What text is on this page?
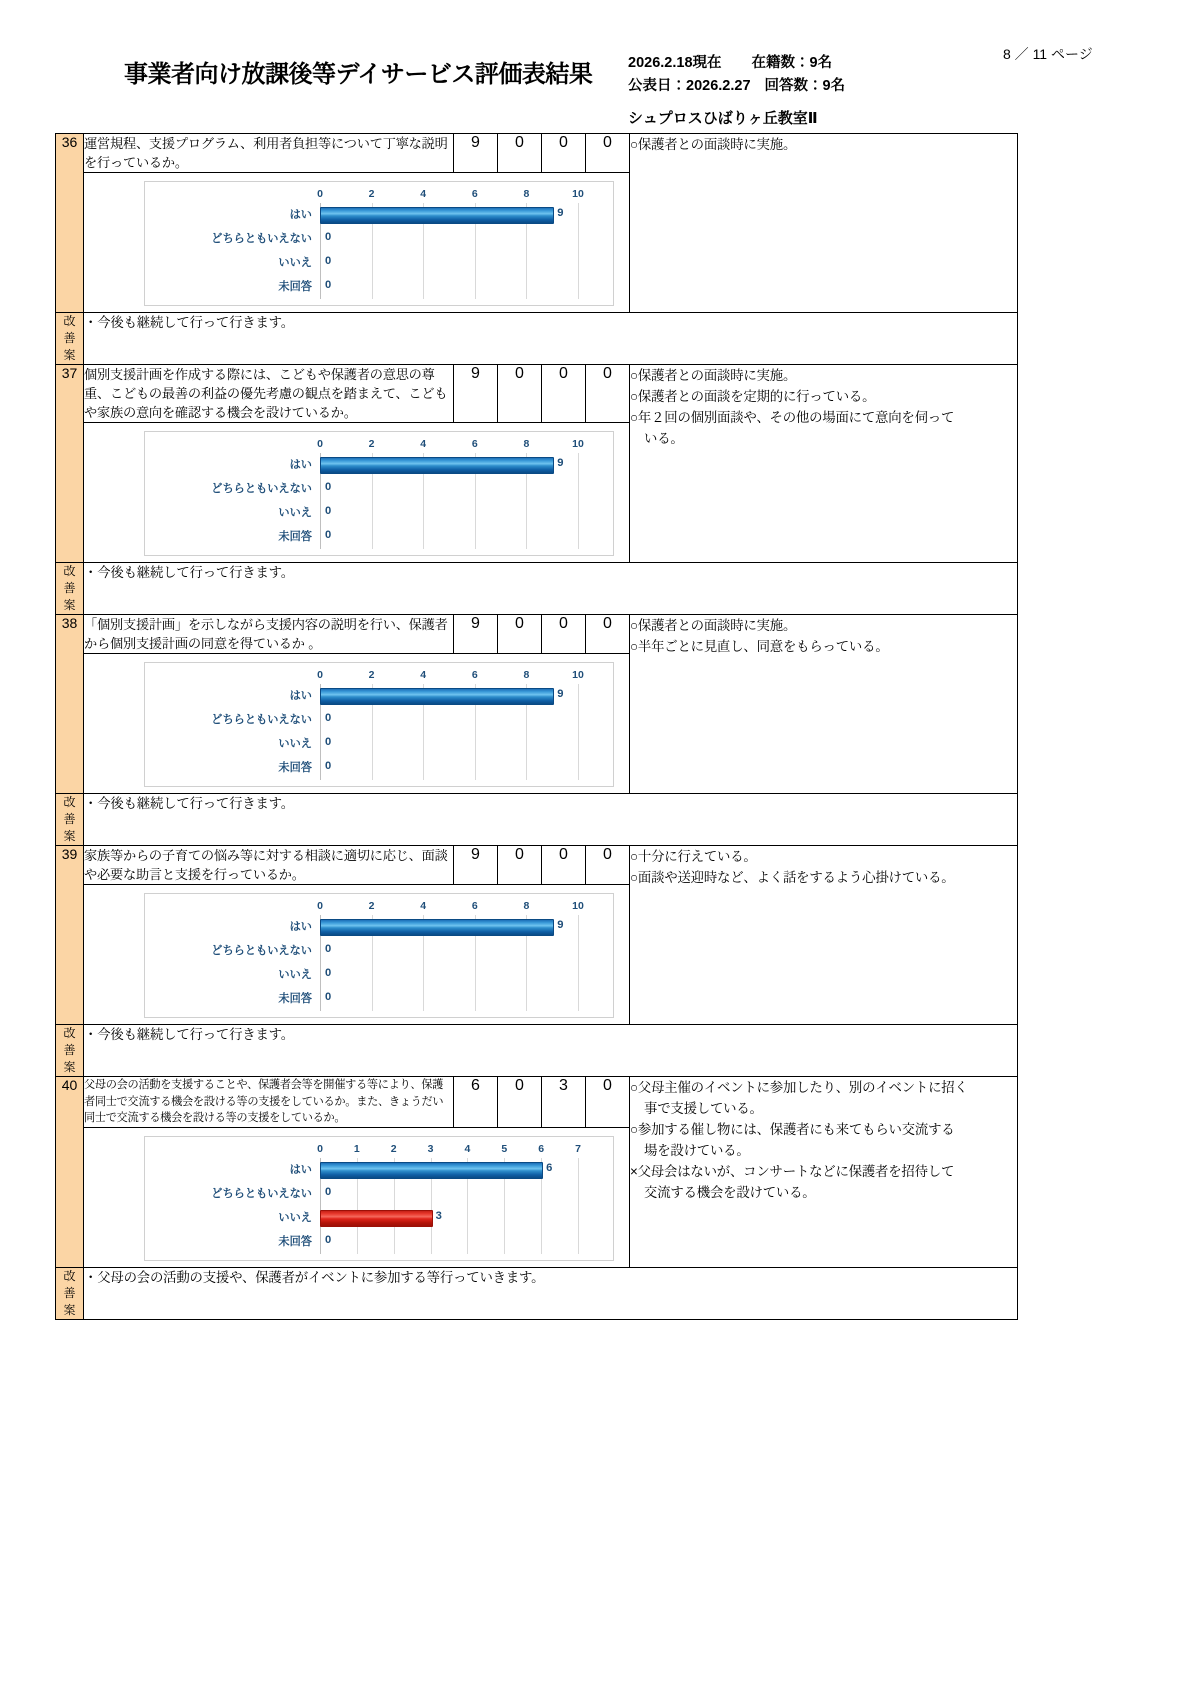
事業者向け放課後等デイサービス評価表結果 2026.2.18現在 在籍数：9名
公表日：2026.2.27 回答数：9名
シュプロスひばりヶ丘教室Ⅱ
8 ／ 11 ページ
36	運営規程、支援プログラム、利用者負担等について丁寧な説明を行っているか。	9	0	0	0	○保護者との面談時に実施。

0	2	4	6	8	10
はい	9
どちらともいえない 0
いいえ 0
未回答 0

改
善
案	・今後も継続して行って行きます。					
37	個別支援計画を作成する際には、こどもや保護者の意思の尊重、こどもの最善の利益の優先考慮の観点を踏まえて、こどもや家族の意向を確認する機会を設けているか。	9	0	0	0	○保護者との面談時に実施。
○保護者との面談を定期的に行っている。
○年２回の個別面談や、その他の場面にて意向を伺って
いる。

0	2	4	6	8	10
はい	9
どちらともいえない 0
いいえ 0
未回答 0

改
善
案	・今後も継続して行って行きます。					
38	「個別支援計画」を示しながら支援内容の説明を行い、保護者から個別支援計画の同意を得ているか 。	9	0	0	0	○保護者との面談時に実施。
○半年ごとに見直し、同意をもらっている。

0	2	4	6	8	10
はい	9
どちらともいえない 0
いいえ 0
未回答 0

改
善
案	・今後も継続して行って行きます。					
39	家族等からの子育ての悩み等に対する相談に適切に応じ、面談や必要な助言と支援を行っているか。	9	0	0	0	○十分に行えている。
○面談や送迎時など、よく話をするよう心掛けている。

0	2	4	6	8	10
はい	9
どちらともいえない 0
いいえ 0
未回答 0

改
善
案	・今後も継続して行って行きます。					
40	父母の会の活動を支援することや、保護者会等を開催する等により、保護者同士で交流する機会を設ける等の支援をしているか。また、きょうだい同士で交流する機会を設ける等の支援をしているか。	6	0	3	0	○父母主催のイベントに参加したり、別のイベントに招く
事で支援している。
○参加する催し物には、保護者にも来てもらい交流する
場を設けている。
×父母会はないが、コンサートなどに保護者を招待して
交流する機会を設けている。

0	1	2	3	4	5	6	7
はい	6
どちらともいえない 0
いいえ	3
未回答 0

改
善
案	・父母の会の活動の支援や、保護者がイベントに参加する等行っていきます。					
